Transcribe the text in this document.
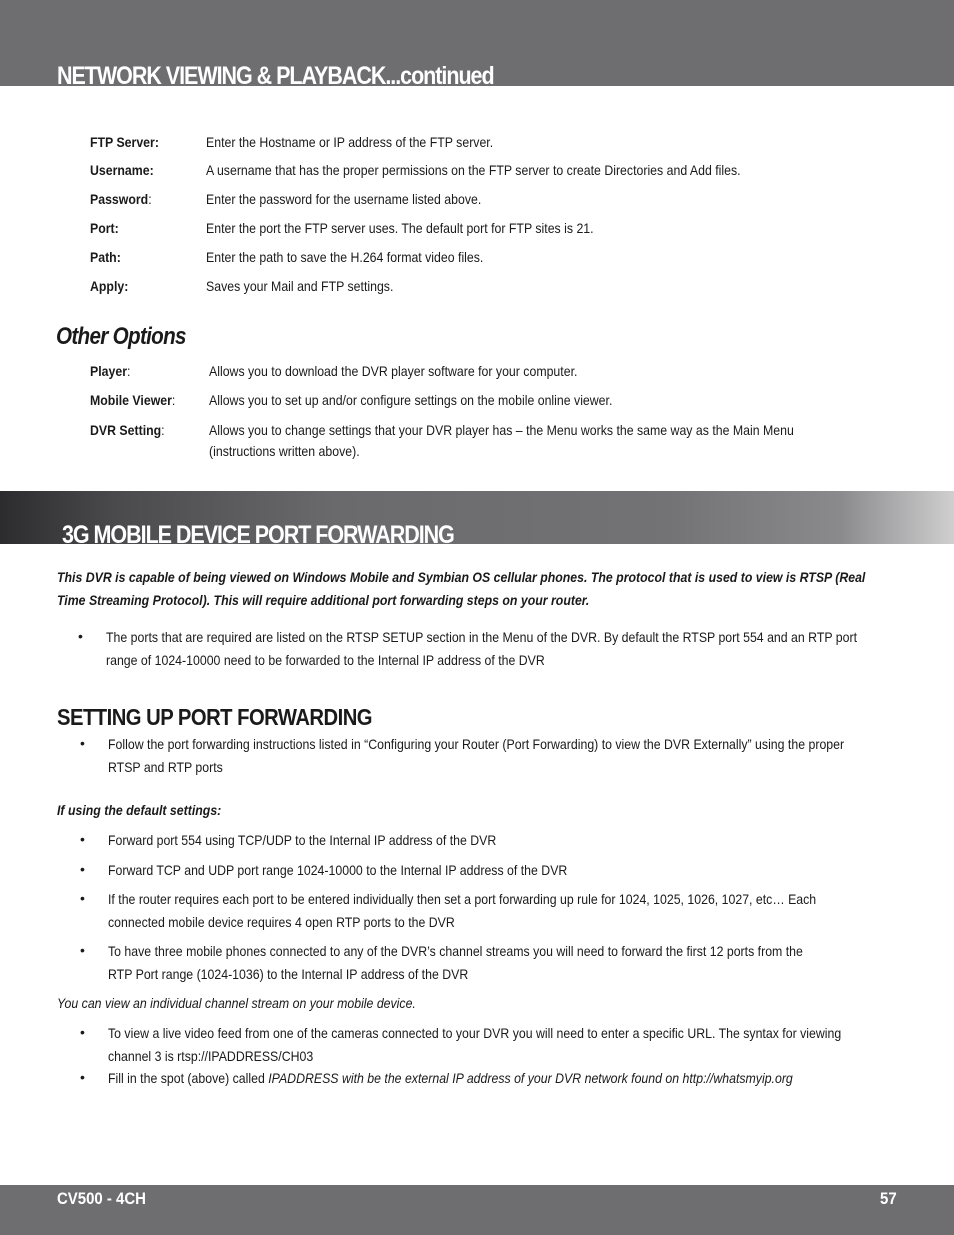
NETWORK VIEWING & PLAYBACK...continued
FTP Server:	Enter the Hostname or IP address of the FTP server.
Username:	A username that has the proper permissions on the FTP server to create Directories and Add files.
Password:	Enter the password for the username listed above.
Port:	Enter the port the FTP server uses. The default port for FTP sites is 21.
Path:	Enter the path to save the H.264 format video files.
Apply:	Saves your Mail and FTP settings.
Other Options
Player:	Allows you to download the DVR player software for your computer.
Mobile Viewer: Allows you to set up and/or configure settings on the mobile online viewer.
DVR Setting:	Allows you to change settings that your DVR player has – the Menu works the same way as the Main Menu
(instructions written above).
3G MOBILE DEVICE PORT FORWARDING
This DVR is capable of being viewed on Windows Mobile and Symbian OS cellular phones. The protocol that is used to view is RTSP (Real
Time Streaming Protocol). This will require additional port forwarding steps on your router.
• The ports that are required are listed on the RTSP SETUP section in the Menu of the DVR. By default the RTSP port 554 and an RTP port
range of 1024-10000 need to be forwarded to the Internal IP address of the DVR
SETTING UP PORT FORWARDING
• Follow the port forwarding instructions listed in “Configuring your Router (Port Forwarding) to view the DVR Externally” using the proper
RTSP and RTP ports
If using the default settings:
• Forward port 554 using TCP/UDP to the Internal IP address of the DVR
• Forward TCP and UDP port range 1024-10000 to the Internal IP address of the DVR
• If the router requires each port to be entered individually then set a port forwarding up rule for 1024, 1025, 1026, 1027, etc… Each
connected mobile device requires 4 open RTP ports to the DVR
• To have three mobile phones connected to any of the DVR’s channel streams you will need to forward the first 12 ports from the
RTP Port range (1024-1036) to the Internal IP address of the DVR
You can view an individual channel stream on your mobile device.
• To view a live video feed from one of the cameras connected to your DVR you will need to enter a specific URL. The syntax for viewing
channel 3 is rtsp://IPADDRESS/CH03
• Fill in the spot (above) called IPADDRESS with be the external IP address of your DVR network found on http://whatsmyip.org
CV500 - 4CH	57
